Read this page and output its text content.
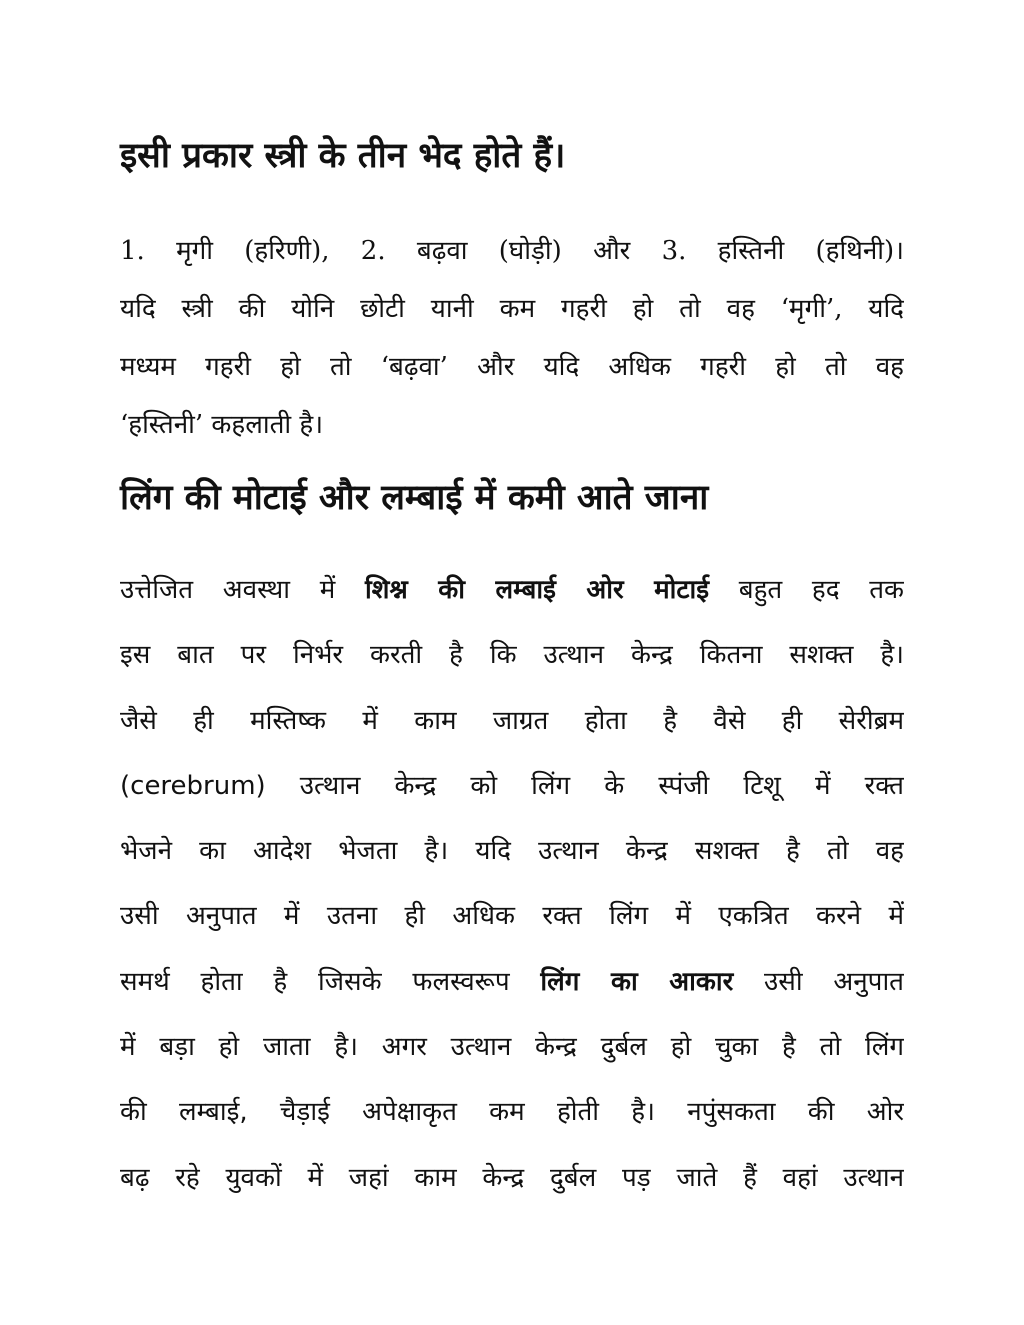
इसी प्रकार स्त्री के तीन भेद होते हैं।

1. मृगी (हरिणी), 2. बढ़वा (घोड़ी) और 3. हस्तिनी (हथिनी)।
यदि स्त्री की योनि छोटी यानी कम गहरी हो तो वह ‘मृगी’, यदि
मध्यम गहरी हो तो ‘बढ़वा’ और यदि अधिक गहरी हो तो वह
‘हस्तिनी’ कहलाती है।

लिंग की मोटाई और लम्बाई में कमी आते जाना

उत्तेजित अवस्था में शिश्न की लम्बाई ओर मोटाई बहुत हद तक
इस बात पर निर्भर करती है कि उत्थान केन्द्र कितना सशक्त है।
जैसे ही मस्तिष्क में काम जाग्रत होता है वैसे ही सेरीब्रम
(cerebrum) उत्थान केन्द्र को लिंग के स्पंजी टिशू में रक्त
भेजने का आदेश भेजता है। यदि उत्थान केन्द्र सशक्त है तो वह
उसी अनुपात में उतना ही अधिक रक्त लिंग में एकत्रित करने में
समर्थ होता है जिसके फलस्वरूप लिंग का आकार उसी अनुपात
में बड़ा हो जाता है। अगर उत्थान केन्द्र दुर्बल हो चुका है तो लिंग
की लम्बाई, चैड़ाई अपेक्षाकृत कम होती है। नपुंसकता की ओर
बढ़ रहे युवकों में जहां काम केन्द्र दुर्बल पड़ जाते हैं वहां उत्थान
